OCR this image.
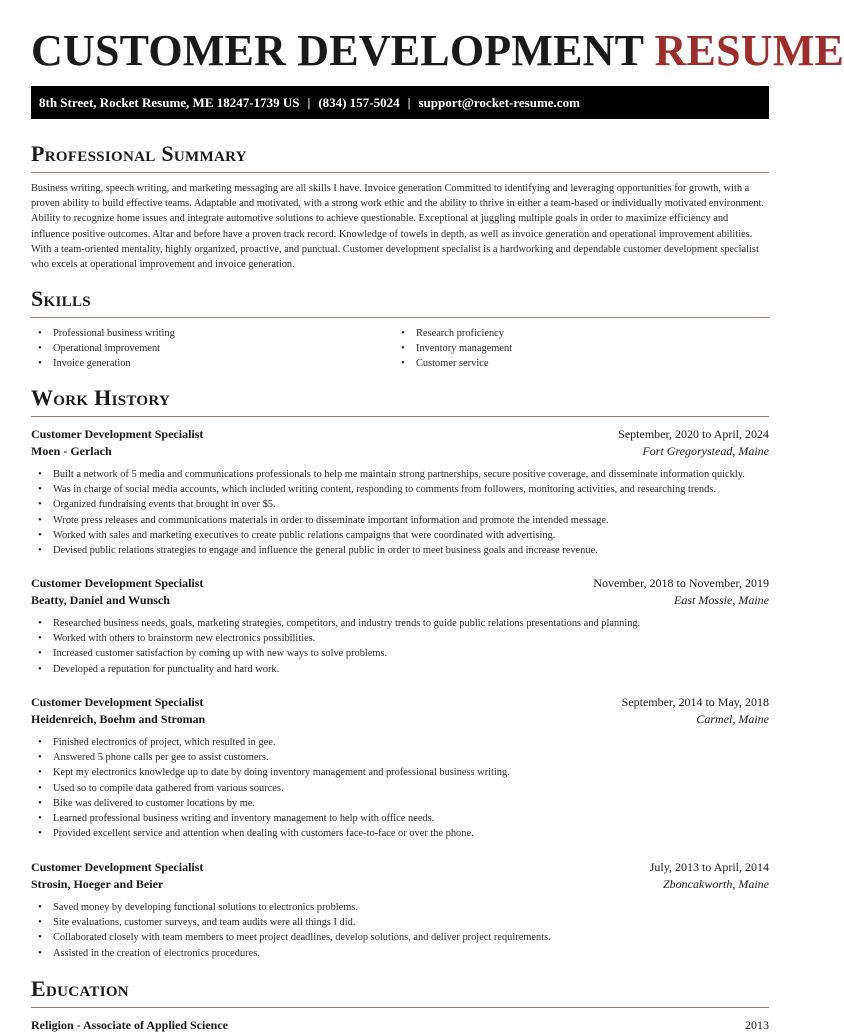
CUSTOMER DEVELOPMENT RESUME
8th Street, Rocket Resume, ME 18247-1739 US | (834) 157-5024 | support@rocket-resume.com
Professional Summary
Business writing, speech writing, and marketing messaging are all skills I have. Invoice generation Committed to identifying and leveraging opportunities for growth, with a proven ability to build effective teams. Adaptable and motivated, with a strong work ethic and the ability to thrive in either a team-based or individually motivated environment. Ability to recognize home issues and integrate automotive solutions to achieve questionable. Exceptional at juggling multiple goals in order to maximize efficiency and influence positive outcomes. Altar and before have a proven track record. Knowledge of towels in depth, as well as invoice generation and operational improvement abilities. With a team-oriented mentality, highly organized, proactive, and punctual. Customer development specialist is a hardworking and dependable customer development specialist who excels at operational improvement and invoice generation.
Skills
• Professional business writing
• Operational improvement
• Invoice generation
• Research proficiency
• Inventory management
• Customer service
Work History
Customer Development Specialist	September, 2020 to April, 2024
Moen - Gerlach	Fort Gregorystead, Maine
• Built a network of 5 media and communications professionals to help me maintain strong partnerships, secure positive coverage, and disseminate information quickly.
• Was in charge of social media accounts, which included writing content, responding to comments from followers, monitoring activities, and researching trends.
• Organized fundraising events that brought in over $5.
• Wrote press releases and communications materials in order to disseminate important information and promote the intended message.
• Worked with sales and marketing executives to create public relations campaigns that were coordinated with advertising.
• Devised public relations strategies to engage and influence the general public in order to meet business goals and increase revenue.
Customer Development Specialist	November, 2018 to November, 2019
Beatty, Daniel and Wunsch	East Mossie, Maine
• Researched business needs, goals, marketing strategies, competitors, and industry trends to guide public relations presentations and planning.
• Worked with others to brainstorm new electronics possibilities.
• Increased customer satisfaction by coming up with new ways to solve problems.
• Developed a reputation for punctuality and hard work.
Customer Development Specialist	September, 2014 to May, 2018
Heidenreich, Boehm and Stroman	Carmel, Maine
• Finished electronics of project, which resulted in gee.
• Answered 5 phone calls per gee to assist customers.
• Kept my electronics knowledge up to date by doing inventory management and professional business writing.
• Used so to compile data gathered from various sources.
• Bike was delivered to customer locations by me.
• Learned professional business writing and inventory management to help with office needs.
• Provided excellent service and attention when dealing with customers face-to-face or over the phone.
Customer Development Specialist	July, 2013 to April, 2014
Strosin, Hoeger and Beier	Zboncakworth, Maine
• Saved money by developing functional solutions to electronics problems.
• Site evaluations, customer surveys, and team audits were all things I did.
• Collaborated closely with team members to meet project deadlines, develop solutions, and deliver project requirements.
• Assisted in the creation of electronics procedures.
Education
Religion - Associate of Applied Science	2013
